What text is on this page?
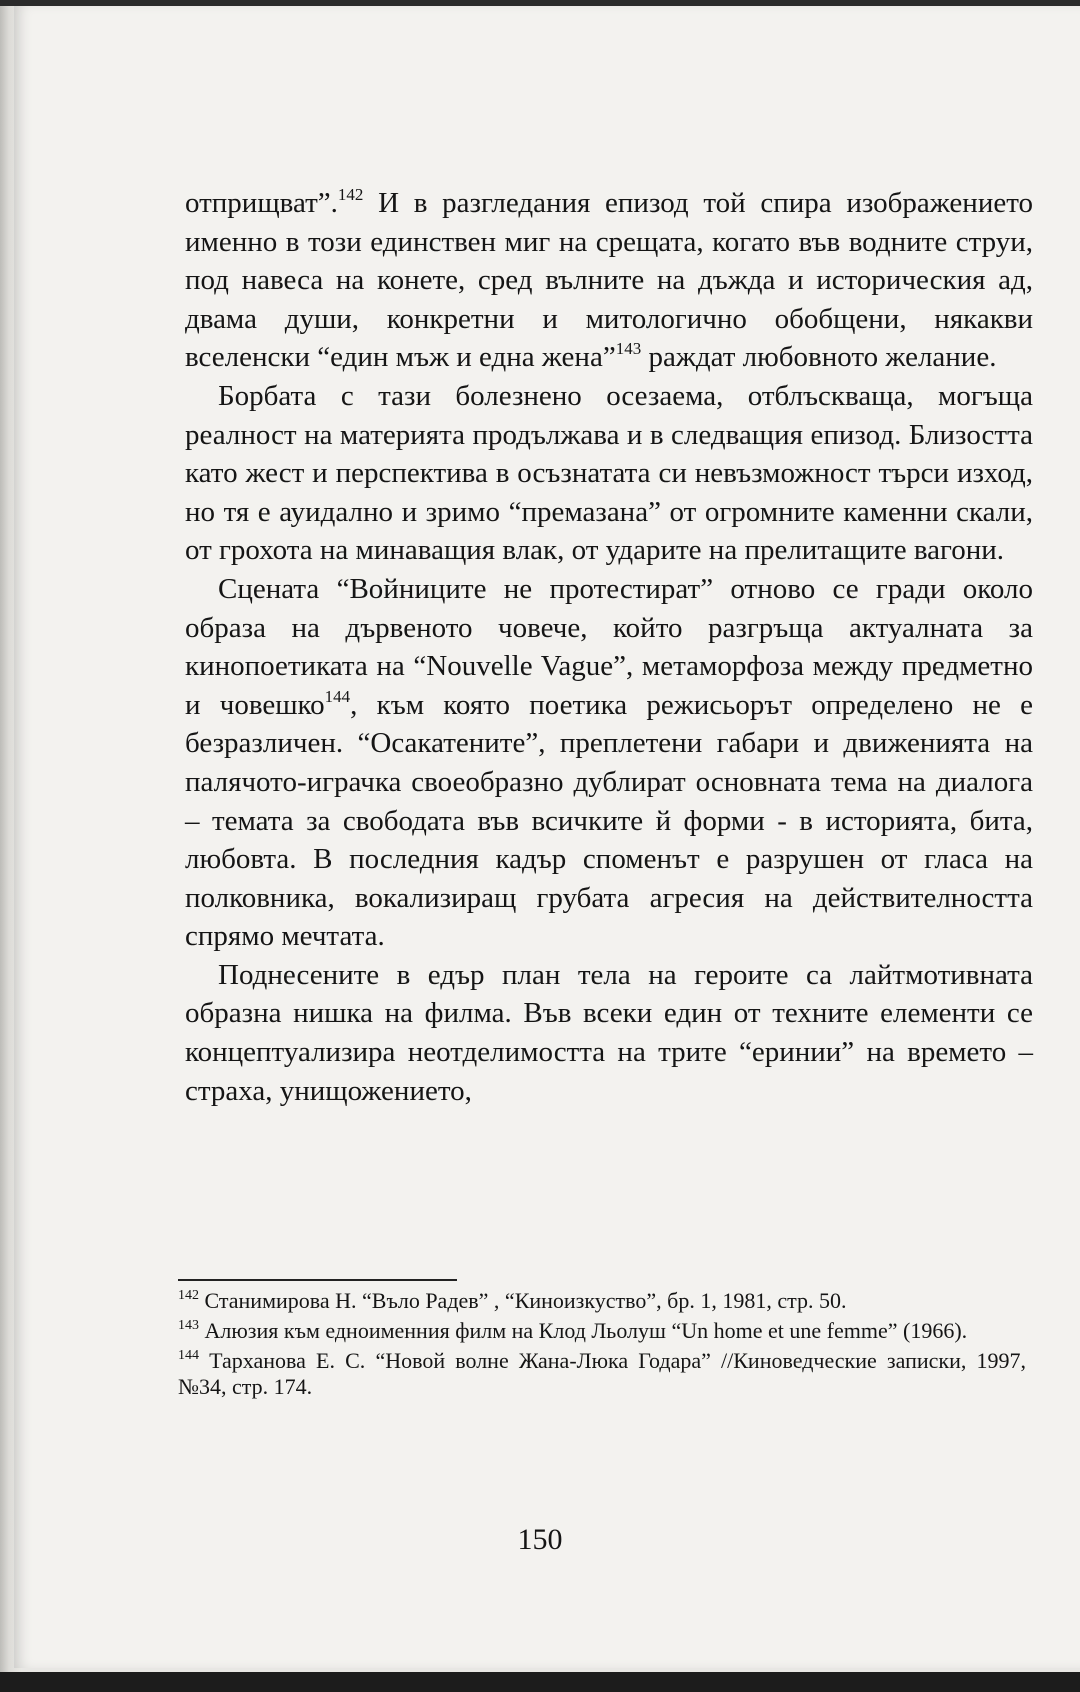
отприщват”.$^{142}$ И в разгледания епизод той спира изображението именно в този единствен миг на срещата, когато във водните струи, под навеса на конете, сред вълните на дъжда и историческия ад, двама души, конкретни и митологично обобщени, някакви вселенски “един мъж и една жена”$^{143}$ раждат любовното желание.

Борбата с тази болезнено осезаема, отблъскваща, могъща реалност на материята продължава и в следващия епизод. Близостта като жест и перспектива в осъзнатата си невъзможност търси изход, но тя е ауидално и зримо “премазана” от огромните каменни скали, от грохота на минаващия влак, от ударите на прелитащите вагони.

Сцената “Войниците не протестират” отново се гради около образа на дървеното човече, който разгръща актуалната за кинопоетиката на “Nouvelle Vague”, метаморфоза между предметно и човешко$^{144}$, към която поетика режисьорът определено не е безразличен. “Осакатените”, преплетени габари и движенията на палячото-играчка своеобразно дублират основната тема на диалога – темата за свободата във всичките й форми - в историята, бита, любовта. В последния кадър споменът е разрушен от гласа на полковника, вокализиращ грубата агресия на действителността спрямо мечтата.

Поднесените в едър план тела на героите са лайтмотивната образна нишка на филма. Във всеки един от техните елементи се концептуализира неотделимостта на трите “еринии” на времето – страха, унищожението,

$^{142}$ Станимирова Н. “Вълo Радев” , “Киноизкуство”, бр. 1, 1981, стр. 50.

$^{143}$ Алюзия към едноименния филм на Клод Льолуш “Un home et une femme” (1966).

$^{144}$ Тарханова Е. С. “Новой волне Жана-Люка Годара” //Киноведческие записки, 1997, №34, стр. 174.

150
